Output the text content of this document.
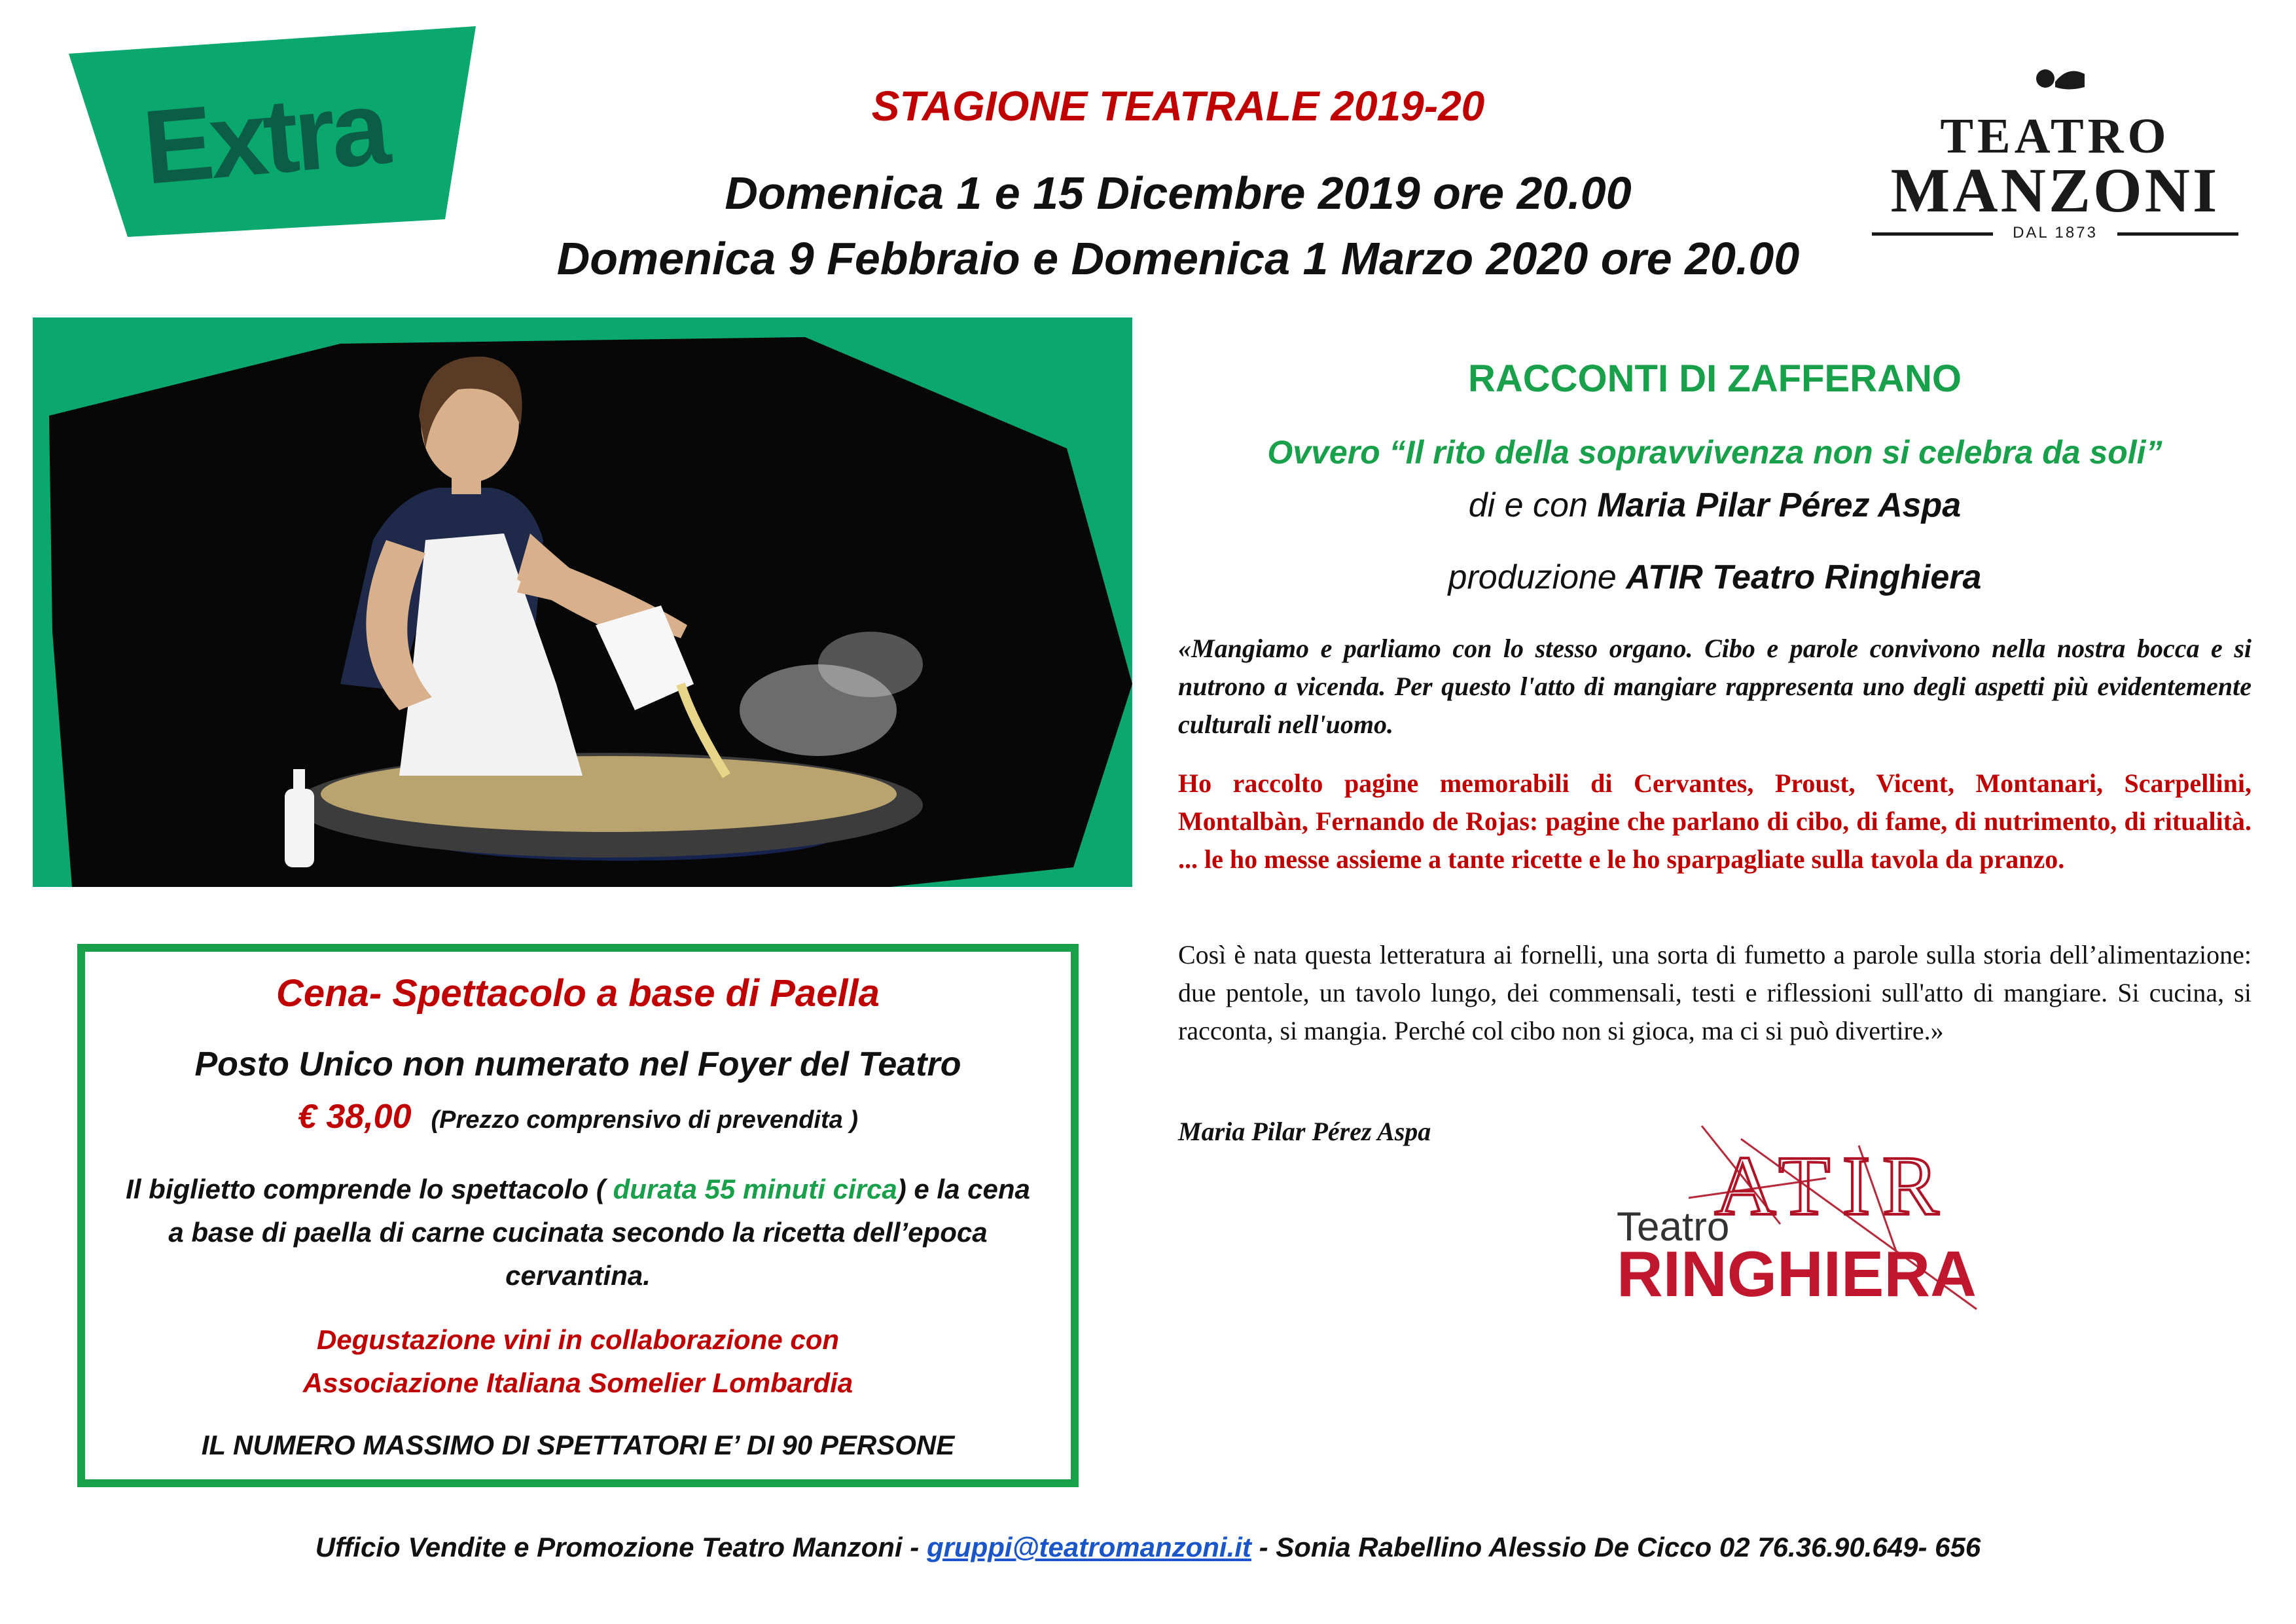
Extra	STAGIONE TEATRALE 2019-20
Domenica 1 e 15 Dicembre 2019 ore 20.00
Domenica 9 Febbraio e Domenica 1 Marzo 2020 ore 20.00
TEATRO
MANZONI
DAL 1873
RACCONTI DI ZAFFERANO
Ovvero “Il rito della sopravvivenza non si celebra da soli”
di e con Maria Pilar Pérez Aspa
produzione ATIR Teatro Ringhiera
«Mangiamo e parliamo con lo stesso organo. Cibo e parole convivono nella nostra bocca e si nutrono a vicenda. Per questo l'atto di mangiare rappresenta uno degli aspetti più evidentemente culturali nell'uomo.
Ho raccolto pagine memorabili di Cervantes, Proust, Vicent, Montanari, Scarpellini, Montalbàn, Fernando de Rojas: pagine che parlano di cibo, di fame, di nutrimento, di ritualità. ... le ho messe assieme a tante ricette e le ho sparpagliate sulla tavola da pranzo.
Così è nata questa letteratura ai fornelli, una sorta di fumetto a parole sulla storia dell’alimentazione: due pentole, un tavolo lungo, dei commensali, testi e riflessioni sull'atto di mangiare. Si cucina, si racconta, si mangia. Perché col cibo non si gioca, ma ci si può divertire.»
Maria Pilar Pérez Aspa
ATIR
Teatro
RINGHIERA
Cena- Spettacolo a base di Paella
Posto Unico non numerato nel Foyer del Teatro
€ 38,00 (Prezzo comprensivo di prevendita )
Il biglietto comprende lo spettacolo ( durata 55 minuti circa) e la cena a base di paella di carne cucinata secondo la ricetta dell’epoca cervantina.
Degustazione vini in collaborazione con
Associazione Italiana Somelier Lombardia
IL NUMERO MASSIMO DI SPETTATORI E’ DI 90 PERSONE
Ufficio Vendite e Promozione Teatro Manzoni - gruppi@teatromanzoni.it - Sonia Rabellino Alessio De Cicco 02 76.36.90.649- 656
